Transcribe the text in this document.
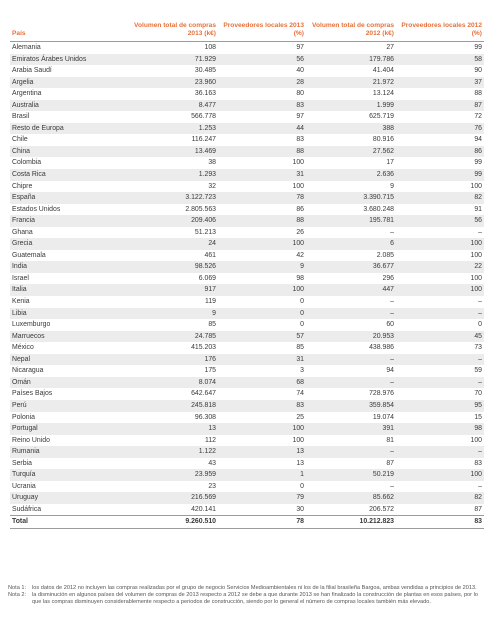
País	Volumen total de compras 2013 (k€)	Proveedores locales 2013 (%)	Volumen total de compras 2012 (k€)	Proveedores locales 2012 (%)
Alemania	108	97	27	99
Emiratos Árabes Unidos	71.929	56	179.786	58
Arabia Saudí	30.485	40	41.404	90
Argelia	23.960	28	21.972	37
Argentina	36.163	80	13.124	88
Australia	8.477	83	1.999	87
Brasil	566.778	97	625.719	72
Resto de Europa	1.253	44	388	76
Chile	116.247	83	80.916	94
China	13.469	88	27.562	86
Colombia	38	100	17	99
Costa Rica	1.293	31	2.636	99
Chipre	32	100	9	100
España	3.122.723	78	3.390.715	82
Estados Unidos	2.805.563	86	3.680.248	91
Francia	209.406	88	195.781	56
Ghana	51.213	26	–	–
Grecia	24	100	6	100
Guatemala	461	42	2.085	100
India	98.526	9	36.677	22
Israel	6.069	98	296	100
Italia	917	100	447	100
Kenia	119	0	–	–
Libia	9	0	–	–
Luxemburgo	85	0	60	0
Marruecos	24.785	57	20.953	45
México	415.203	85	438.986	73
Nepal	176	31	–	–
Nicaragua	175	3	94	59
Omán	8.074	68	–	–
Países Bajos	642.647	74	728.976	70
Perú	245.818	83	359.854	95
Polonia	96.308	25	19.074	15
Portugal	13	100	391	98
Reino Unido	112	100	81	100
Rumania	1.122	13	–	–
Serbia	43	13	87	83
Turquía	23.959	1	50.219	100
Ucrania	23	0	–	–
Uruguay	216.569	79	85.662	82
Sudáfrica	420.141	30	206.572	87
Total	9.260.510	78	10.212.823	83
Nota 1:	los datos de 2012 no incluyen las compras realizadas por el grupo de negocio Servicios Medioambientales ni los de la filial brasileña Bargoa, ambas vendidas a principios de 2013.
Nota 2:	la disminución en algunos países del volumen de compras de 2013 respecto a 2012 se debe a que durante 2013 se han finalizado la construcción de plantas en esos países, por lo que las compras disminuyen considerablemente respecto a periodos de construcción, siendo por lo general el número de compras locales también más elevado.
